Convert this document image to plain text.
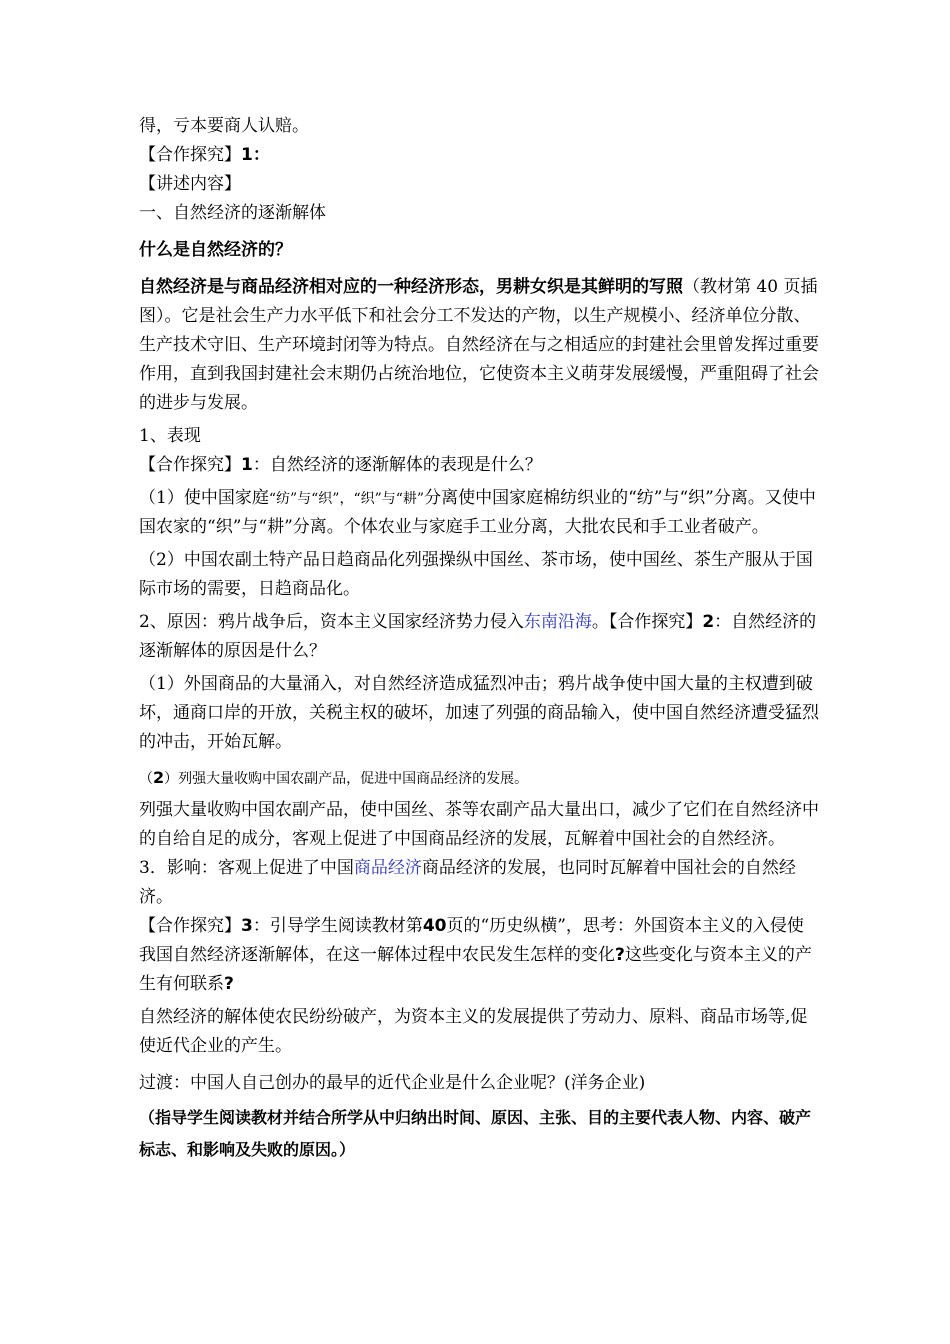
得，亏本要商人认赔。

【合作探究】1：

【讲述内容】

一、自然经济的逐渐解体

什么是自然经济的？

自然经济是与商品经济相对应的一种经济形态，男耕女织是其鲜明的写照（教材第 40 页插图）。它是社会生产力水平低下和社会分工不发达的产物，以生产规模小、经济单位分散、生产技术守旧、生产环境封闭等为特点。自然经济在与之相适应的封建社会里曾发挥过重要作用，直到我国封建社会末期仍占统治地位，它使资本主义萌芽发展缓慢，严重阻碍了社会的进步与发展。

1、表现

【合作探究】1：自然经济的逐渐解体的表现是什么？

（1）使中国家庭“纺”与“织”，“织”与“耕”分离使中国家庭棉纺织业的“纺”与“织”分离。又使中国农家的“织”与“耕”分离。个体农业与家庭手工业分离，大批农民和手工业者破产。

（2）中国农副土特产品日趋商品化列强操纵中国丝、茶市场，使中国丝、茶生产服从于国际市场的需要，日趋商品化。

2、原因：鸦片战争后，资本主义国家经济势力侵入东南沿海。【合作探究】2：自然经济的逐渐解体的原因是什么？

（1）外国商品的大量涌入，对自然经济造成猛烈冲击；鸦片战争使中国大量的主权遭到破坏，通商口岸的开放，关税主权的破坏，加速了列强的商品输入，使中国自然经济遭受猛烈的冲击，开始瓦解。

（2）列强大量收购中国农副产品，促进中国商品经济的发展。

列强大量收购中国农副产品，使中国丝、茶等农副产品大量出口，减少了它们在自然经济中的自给自足的成分，客观上促进了中国商品经济的发展，瓦解着中国社会的自然经济。

3．影响：客观上促进了中国商品经济商品经济的发展，也同时瓦解着中国社会的自然经济。

【合作探究】3：引导学生阅读教材第40页的“历史纵横”，思考：外国资本主义的入侵使我国自然经济逐渐解体，在这一解体过程中农民发生怎样的变化?这些变化与资本主义的产生有何联系?

自然经济的解体使农民纷纷破产，为资本主义的发展提供了劳动力、原料、商品市场等,促使近代企业的产生。

过渡：中国人自己创办的最早的近代企业是什么企业呢？(洋务企业)

（指导学生阅读教材并结合所学从中归纳出时间、原因、主张、目的主要代表人物、内容、破产标志、和影响及失败的原因。）
